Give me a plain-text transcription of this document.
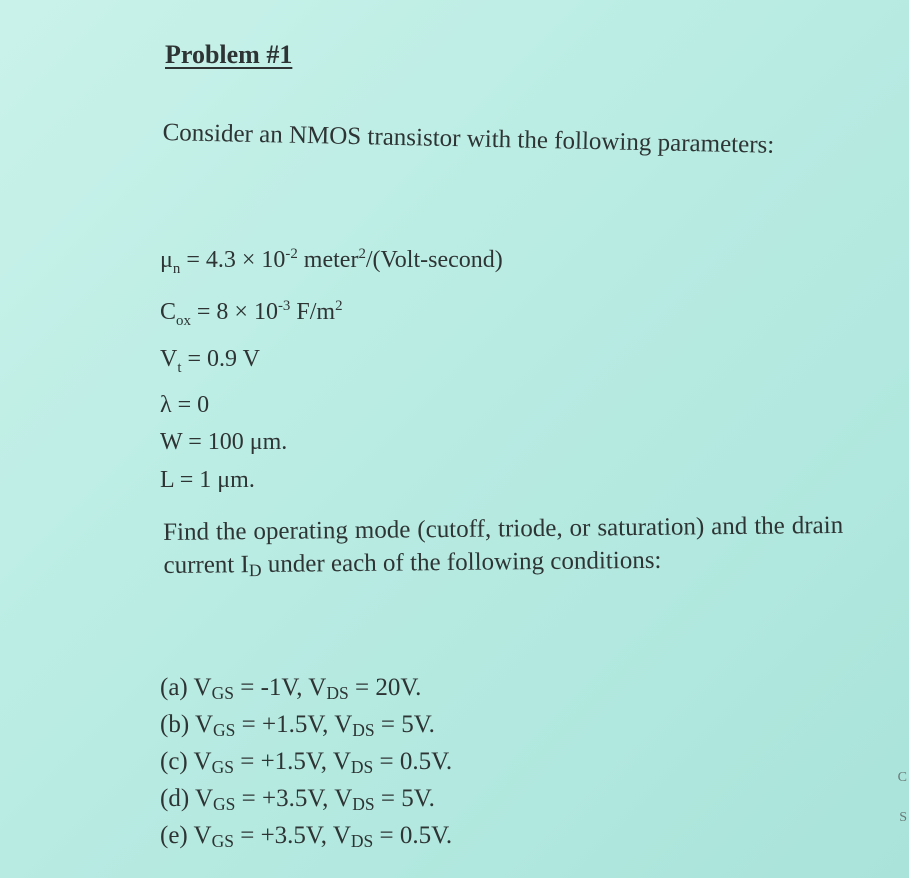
Problem #1

Consider an NMOS transistor with the following parameters:

$\mu_n = 4.3 \times 10^{-2}$ meter$^2$/(Volt-second)
$C_{ox} = 8 \times 10^{-3}$ $F/m^2$
$V_t = 0.9$ V
λ = 0
W = 100 μm.
L = 1 μm.

Find the operating mode (cutoff, triode, or saturation) and the drain current ID under each of the following conditions:

(a) VGS = -1V, VDS = 20V.
(b) VGS = +1.5V, VDS = 5V.
(c) VGS = +1.5V, VDS = 0.5V.
(d) VGS = +3.5V, VDS = 5V.
(e) VGS = +3.5V, VDS = 0.5V.
C
S
